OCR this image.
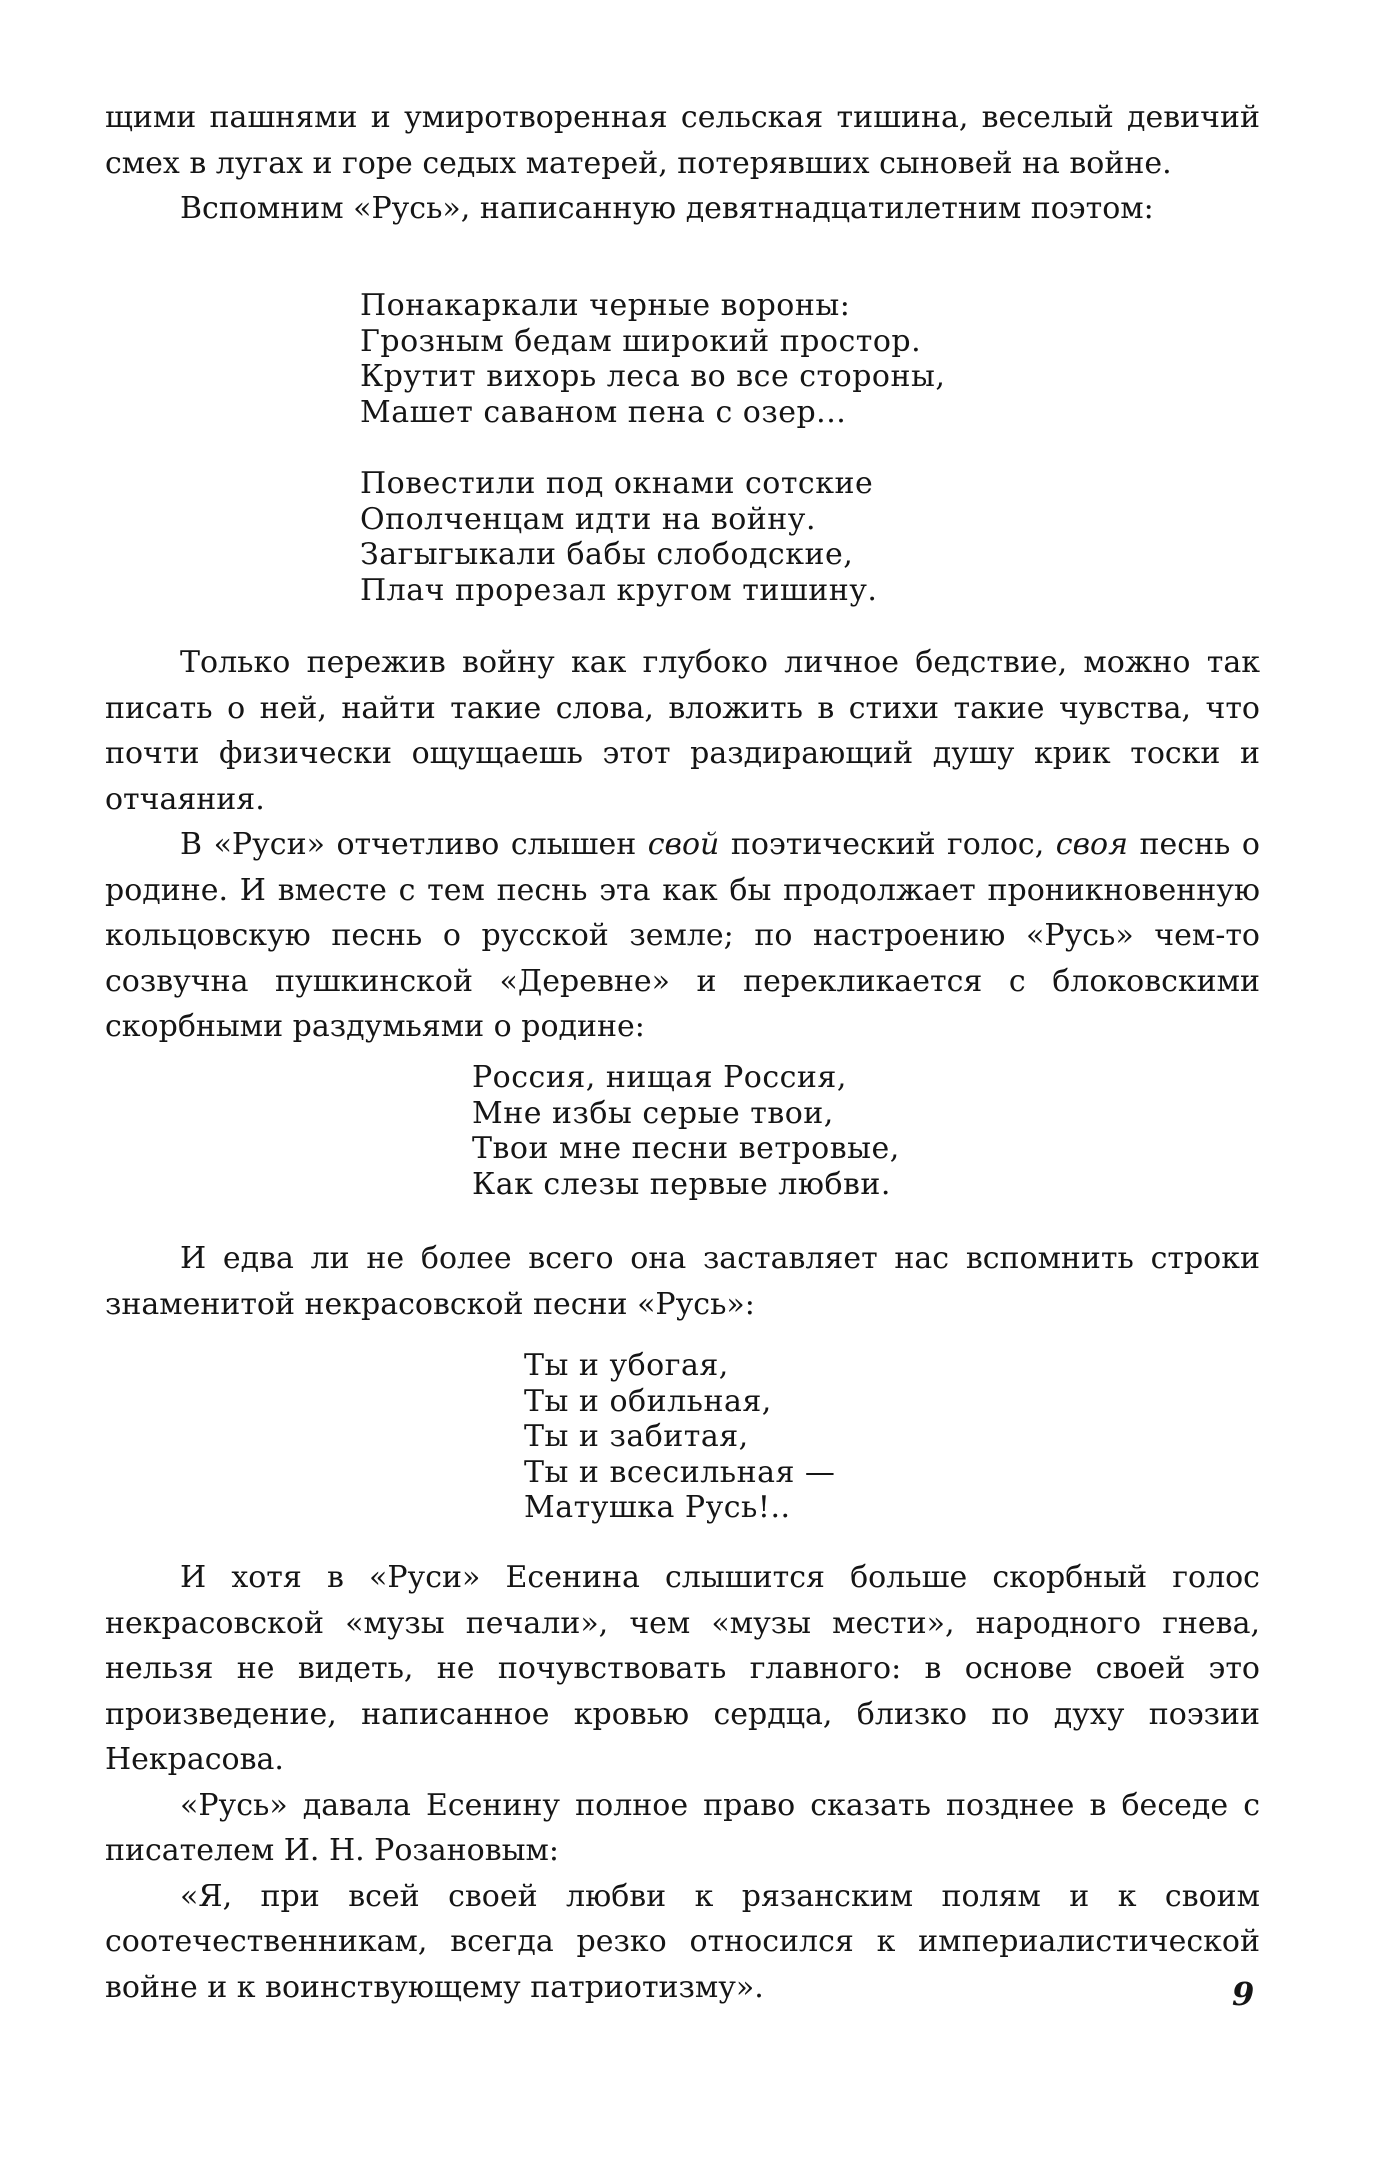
щими пашнями и умиротворенная сельская тишина, веселый девичий смех в лугах и горе седых матерей, потерявших сыновей на войне.

Вспомним «Русь», написанную девятнадцатилетним поэтом:

Понакаркали черные вороны:
Грозным бедам широкий простор.
Крутит вихорь леса во все стороны,
Машет саваном пена с озер...
Повестили под окнами сотские
Ополченцам идти на войну.
Загыгыкали бабы слободские,
Плач прорезал кругом тишину.

Только пережив войну как глубоко личное бедствие, можно так писать о ней, найти такие слова, вложить в стихи такие чувства, что почти физически ощущаешь этот раздирающий душу крик тоски и отчаяния.

В «Руси» отчетливо слышен свой поэтический голос, своя песнь о родине. И вместе с тем песнь эта как бы продолжает проникновенную кольцовскую песнь о русской земле; по настроению «Русь» чем-то созвучна пушкинской «Деревне» и перекликается с блоковскими скорбными раздумьями о родине:

Россия, нищая Россия,
Мне избы серые твои,
Твои мне песни ветровые,
Как слезы первые любви.

И едва ли не более всего она заставляет нас вспомнить строки знаменитой некрасовской песни «Русь»:

Ты и убогая,
Ты и обильная,
Ты и забитая,
Ты и всесильная —
Матушка Русь!..

И хотя в «Руси» Есенина слышится больше скорбный голос некрасовской «музы печали», чем «музы мести», народного гнева, нельзя не видеть, не почувствовать главного: в основе своей это произведение, написанное кровью сердца, близко по духу поэзии Некрасова.

«Русь» давала Есенину полное право сказать позднее в беседе с писателем И. Н. Розановым:

«Я, при всей своей любви к рязанским полям и к своим соотечественникам, всегда резко относился к империалистической войне и к воинствующему патриотизму».	9
